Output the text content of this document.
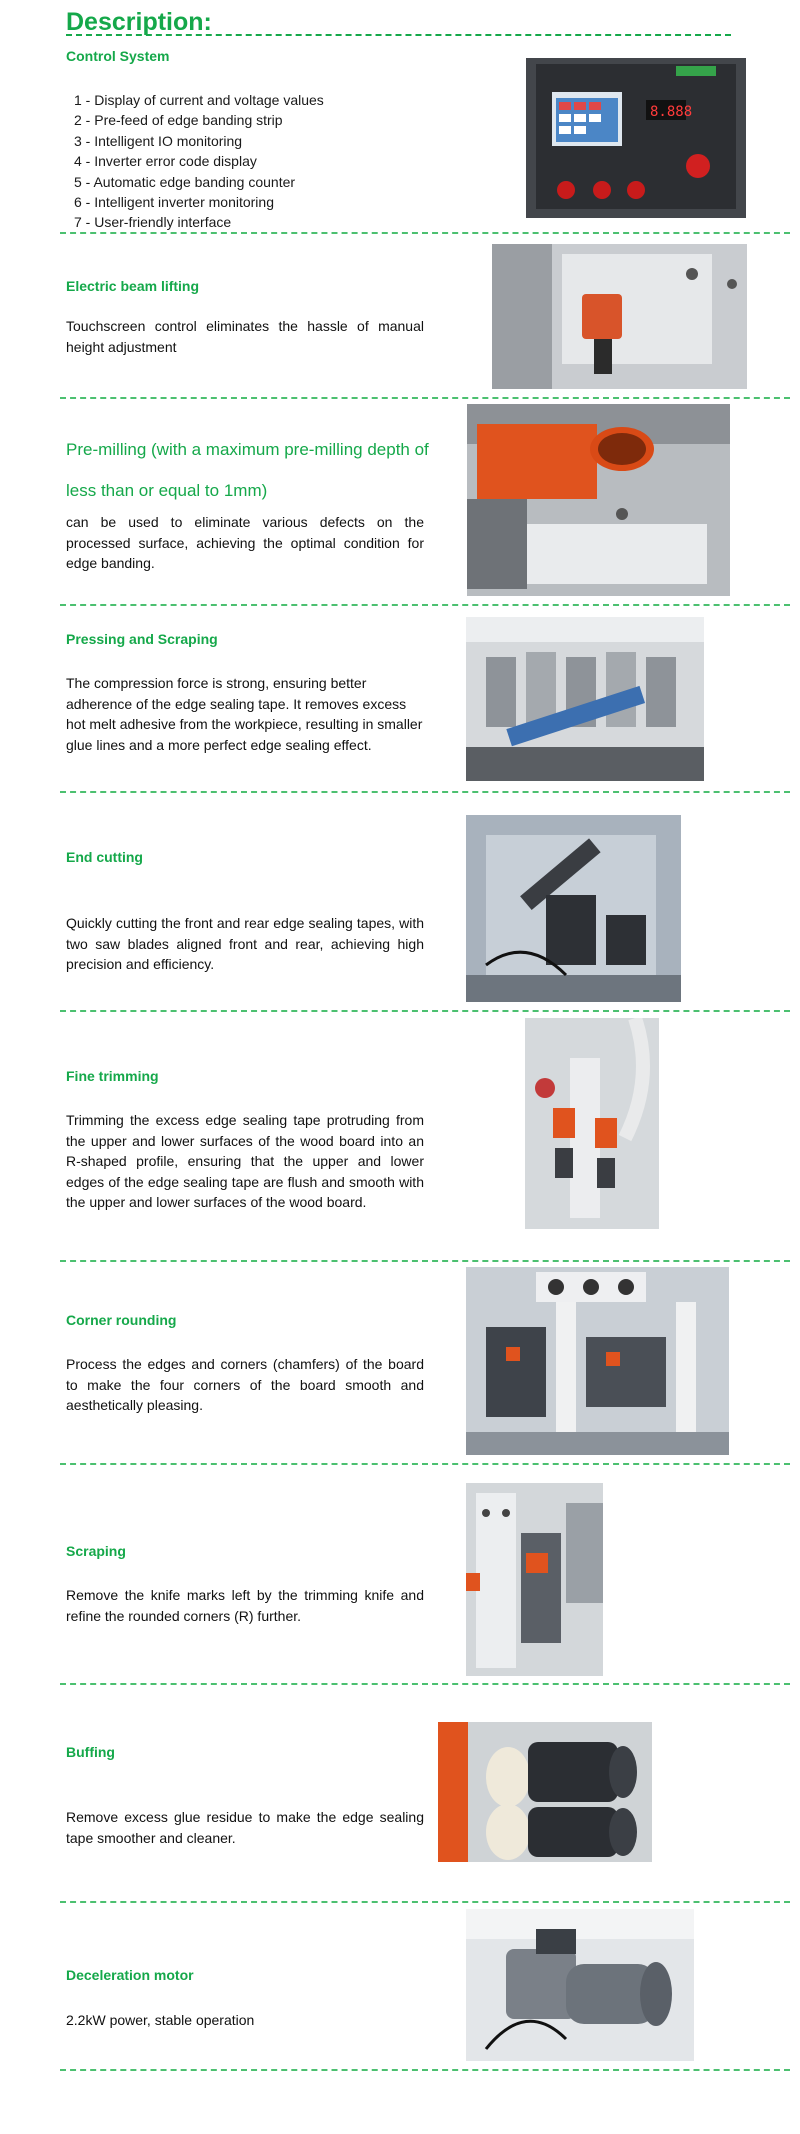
Description:
Control System
1 - Display of current and voltage values
2 - Pre-feed of edge banding strip
3 - Intelligent IO monitoring
4 - Inverter error code display
5 - Automatic edge banding counter
6 - Intelligent inverter monitoring
7 - User-friendly interface
8.888
Electric beam lifting
Touchscreen control eliminates the hassle of manual height adjustment
Pre-milling (with a maximum pre-milling depth of
less than or equal to 1mm)
can be used to eliminate various defects on the processed surface, achieving the optimal condition for edge banding.
Pressing and Scraping
The compression force is strong, ensuring better adherence of the edge sealing tape. It removes excess hot melt adhesive from the workpiece, resulting in smaller glue lines and a more perfect edge sealing effect.
End cutting
Quickly cutting the front and rear edge sealing tapes, with two saw blades aligned front and rear, achieving high precision and efficiency.
Fine trimming
Trimming the excess edge sealing tape protruding from the upper and lower surfaces of the wood board into an R-shaped profile, ensuring that the upper and lower edges of the edge sealing tape are flush and smooth with the upper and lower surfaces of the wood board.
Corner rounding
Process the edges and corners (chamfers) of the board to make the four corners of the board smooth and aesthetically pleasing.
Scraping
Remove the knife marks left by the trimming knife and refine the rounded corners (R) further.
Buffing
Remove excess glue residue to make the edge sealing tape smoother and cleaner.
Deceleration motor
2.2kW power, stable operation
